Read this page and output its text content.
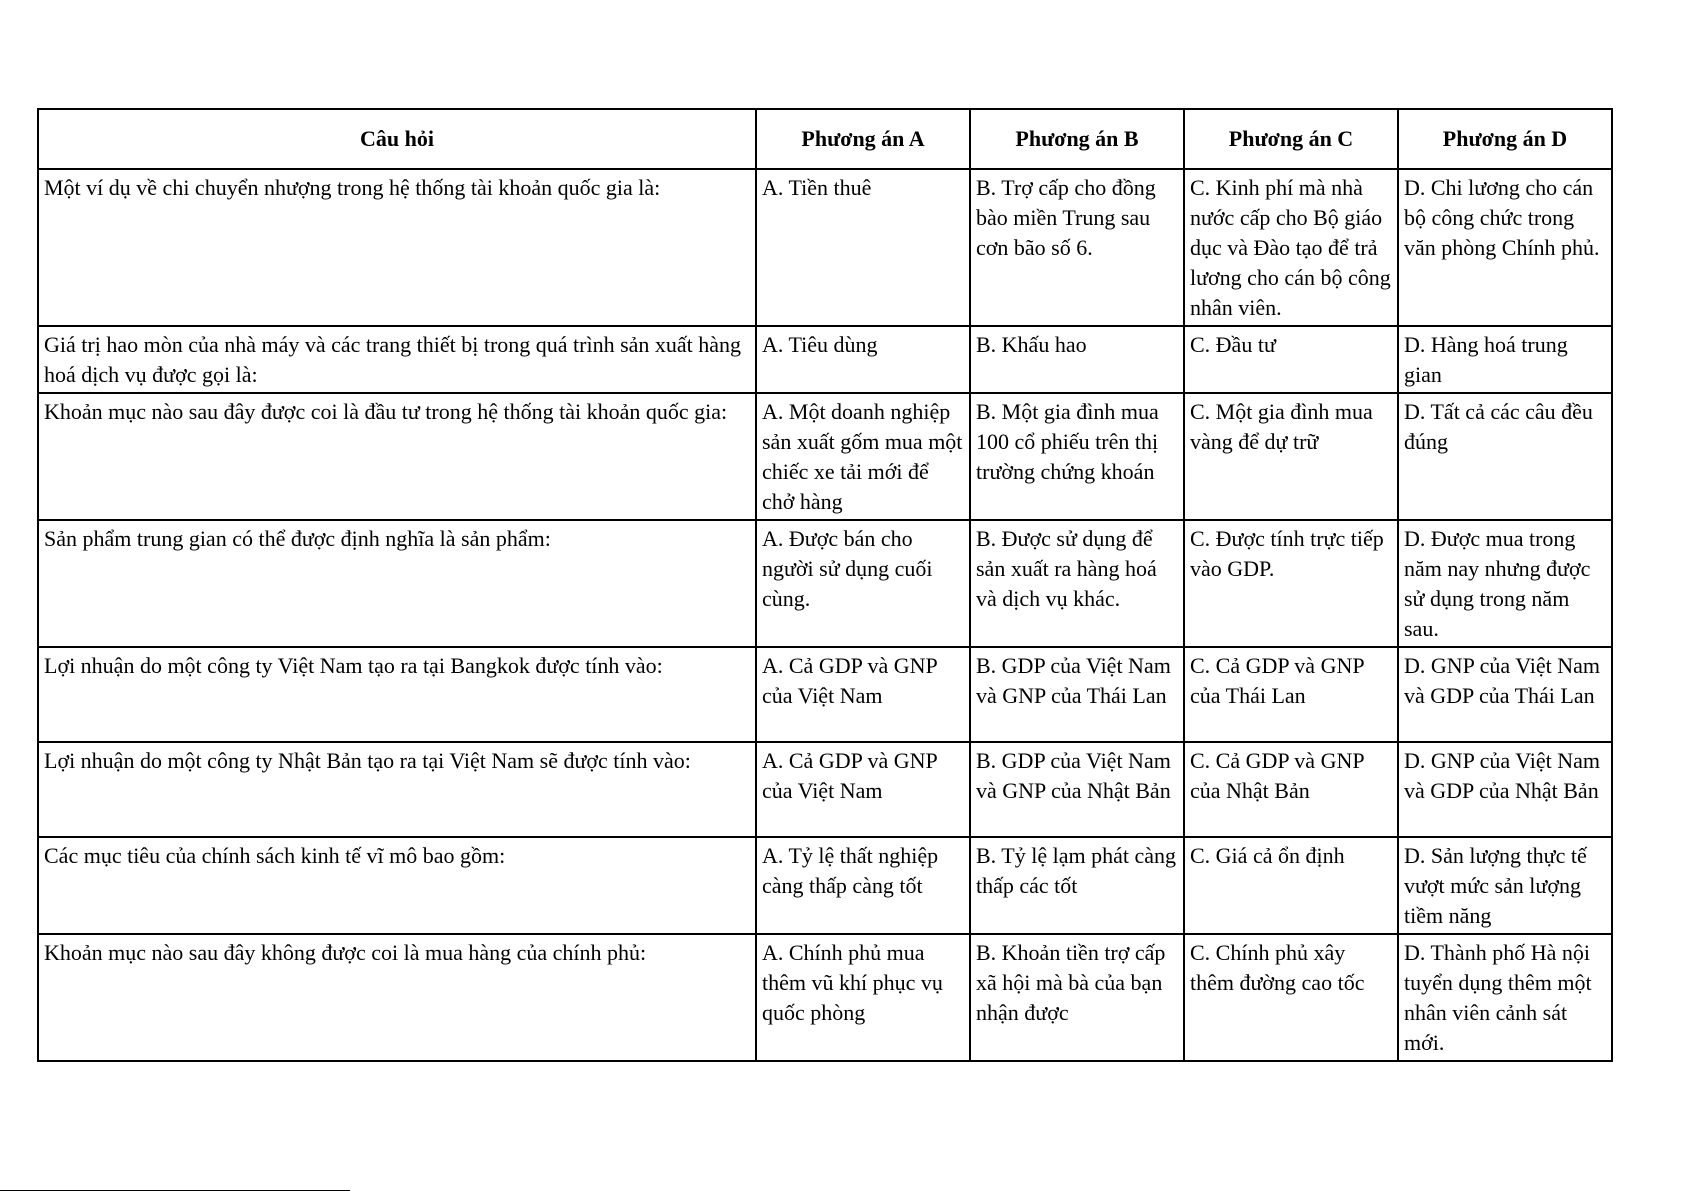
Câu hỏi	Phương án A	Phương án B	Phương án C	Phương án D
Một ví dụ về chi chuyển nhượng trong hệ thống tài khoản quốc gia là:	A. Tiền thuê	B. Trợ cấp cho đồng bào miền Trung sau cơn bão số 6.	C. Kinh phí mà nhà nước cấp cho Bộ giáo dục và Đào tạo để trả lương cho cán bộ công nhân viên.	D. Chi lương cho cán bộ công chức trong văn phòng Chính phủ.
Giá trị hao mòn của nhà máy và các trang thiết bị trong quá trình sản xuất hàng hoá dịch vụ được gọi là:	A. Tiêu dùng	B. Khấu hao	C. Đầu tư	D. Hàng hoá trung gian
Khoản mục nào sau đây được coi là đầu tư trong hệ thống tài khoản quốc gia:	A. Một doanh nghiệp sản xuất gốm mua một chiếc xe tải mới để chở hàng	B. Một gia đình mua 100 cổ phiếu trên thị trường chứng khoán	C. Một gia đình mua vàng để dự trữ	D. Tất cả các câu đều đúng
Sản phẩm trung gian có thể được định nghĩa là sản phẩm:	A. Được bán cho người sử dụng cuối cùng.	B. Được sử dụng để sản xuất ra hàng hoá và dịch vụ khác.	C. Được tính trực tiếp vào GDP.	D. Được mua trong năm nay nhưng được sử dụng trong năm sau.
Lợi nhuận do một công ty Việt Nam tạo ra tại Bangkok được tính vào:	A. Cả GDP và GNP của Việt Nam	B. GDP của Việt Nam và GNP của Thái Lan	C. Cả GDP và GNP của Thái Lan	D. GNP của Việt Nam và GDP của Thái Lan
Lợi nhuận do một công ty Nhật Bản tạo ra tại Việt Nam sẽ được tính vào:	A. Cả GDP và GNP của Việt Nam	B. GDP của Việt Nam và GNP của Nhật Bản	C. Cả GDP và GNP của Nhật Bản	D. GNP của Việt Nam và GDP của Nhật Bản
Các mục tiêu của chính sách kinh tế vĩ mô bao gồm:	A. Tỷ lệ thất nghiệp càng thấp càng tốt	B. Tỷ lệ lạm phát càng thấp các tốt	C. Giá cả ổn định	D. Sản lượng thực tế vượt mức sản lượng tiềm năng
Khoản mục nào sau đây không được coi là mua hàng của chính phủ:	A. Chính phủ mua thêm vũ khí phục vụ quốc phòng	B. Khoản tiền trợ cấp xã hội mà bà của bạn nhận được	C. Chính phủ xây thêm đường cao tốc	D. Thành phố Hà nội tuyển dụng thêm một nhân viên cảnh sát mới.
